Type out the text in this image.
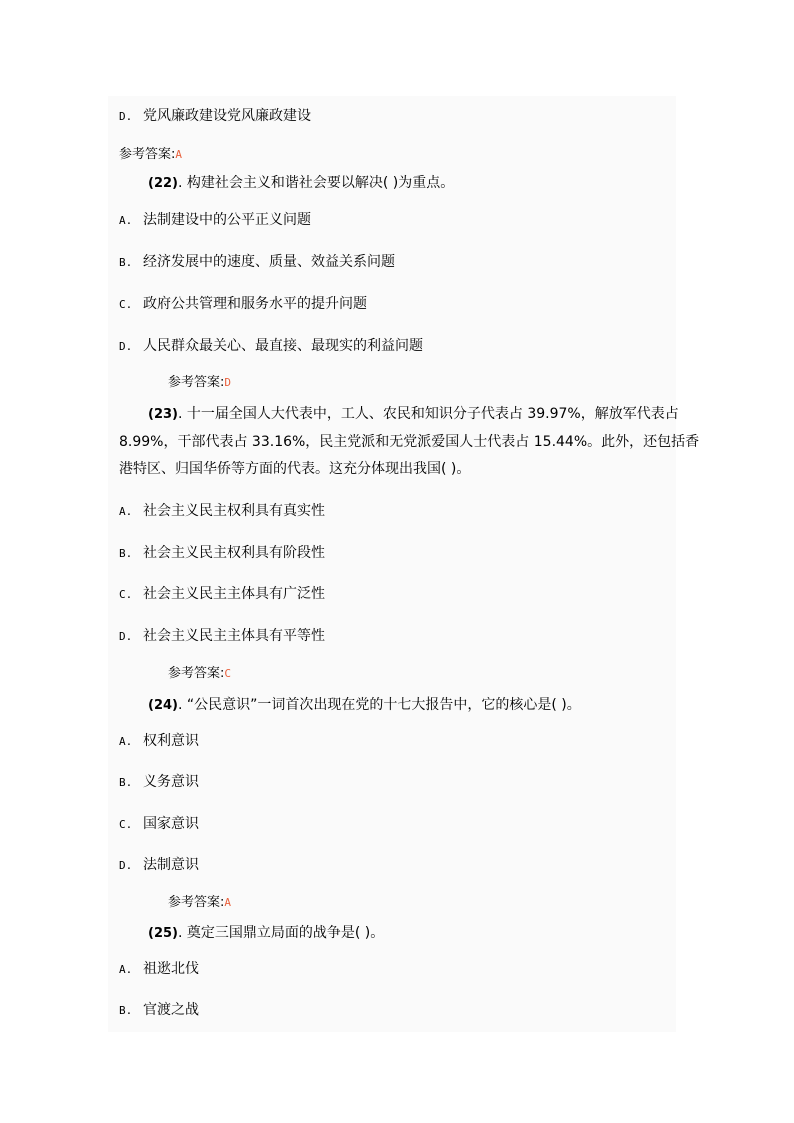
D. 党风廉政建设党风廉政建设
参考答案:A
(22). 构建社会主义和谐社会要以解决( )为重点。
A. 法制建设中的公平正义问题
B. 经济发展中的速度、质量、效益关系问题
C. 政府公共管理和服务水平的提升问题
D. 人民群众最关心、最直接、最现实的利益问题
参考答案:D
(23). 十一届全国人大代表中，工人、农民和知识分子代表占 39.97%，解放军代表占
8.99%，干部代表占 33.16%，民主党派和无党派爱国人士代表占 15.44%。此外，还包括香
港特区、归国华侨等方面的代表。这充分体现出我国( )。
A. 社会主义民主权利具有真实性
B. 社会主义民主权利具有阶段性
C. 社会主义民主主体具有广泛性
D. 社会主义民主主体具有平等性
参考答案:C
(24). “公民意识”一词首次出现在党的十七大报告中，它的核心是( )。
A. 权利意识
B. 义务意识
C. 国家意识
D. 法制意识
参考答案:A
(25). 奠定三国鼎立局面的战争是( )。
A. 祖逖北伐
B. 官渡之战
